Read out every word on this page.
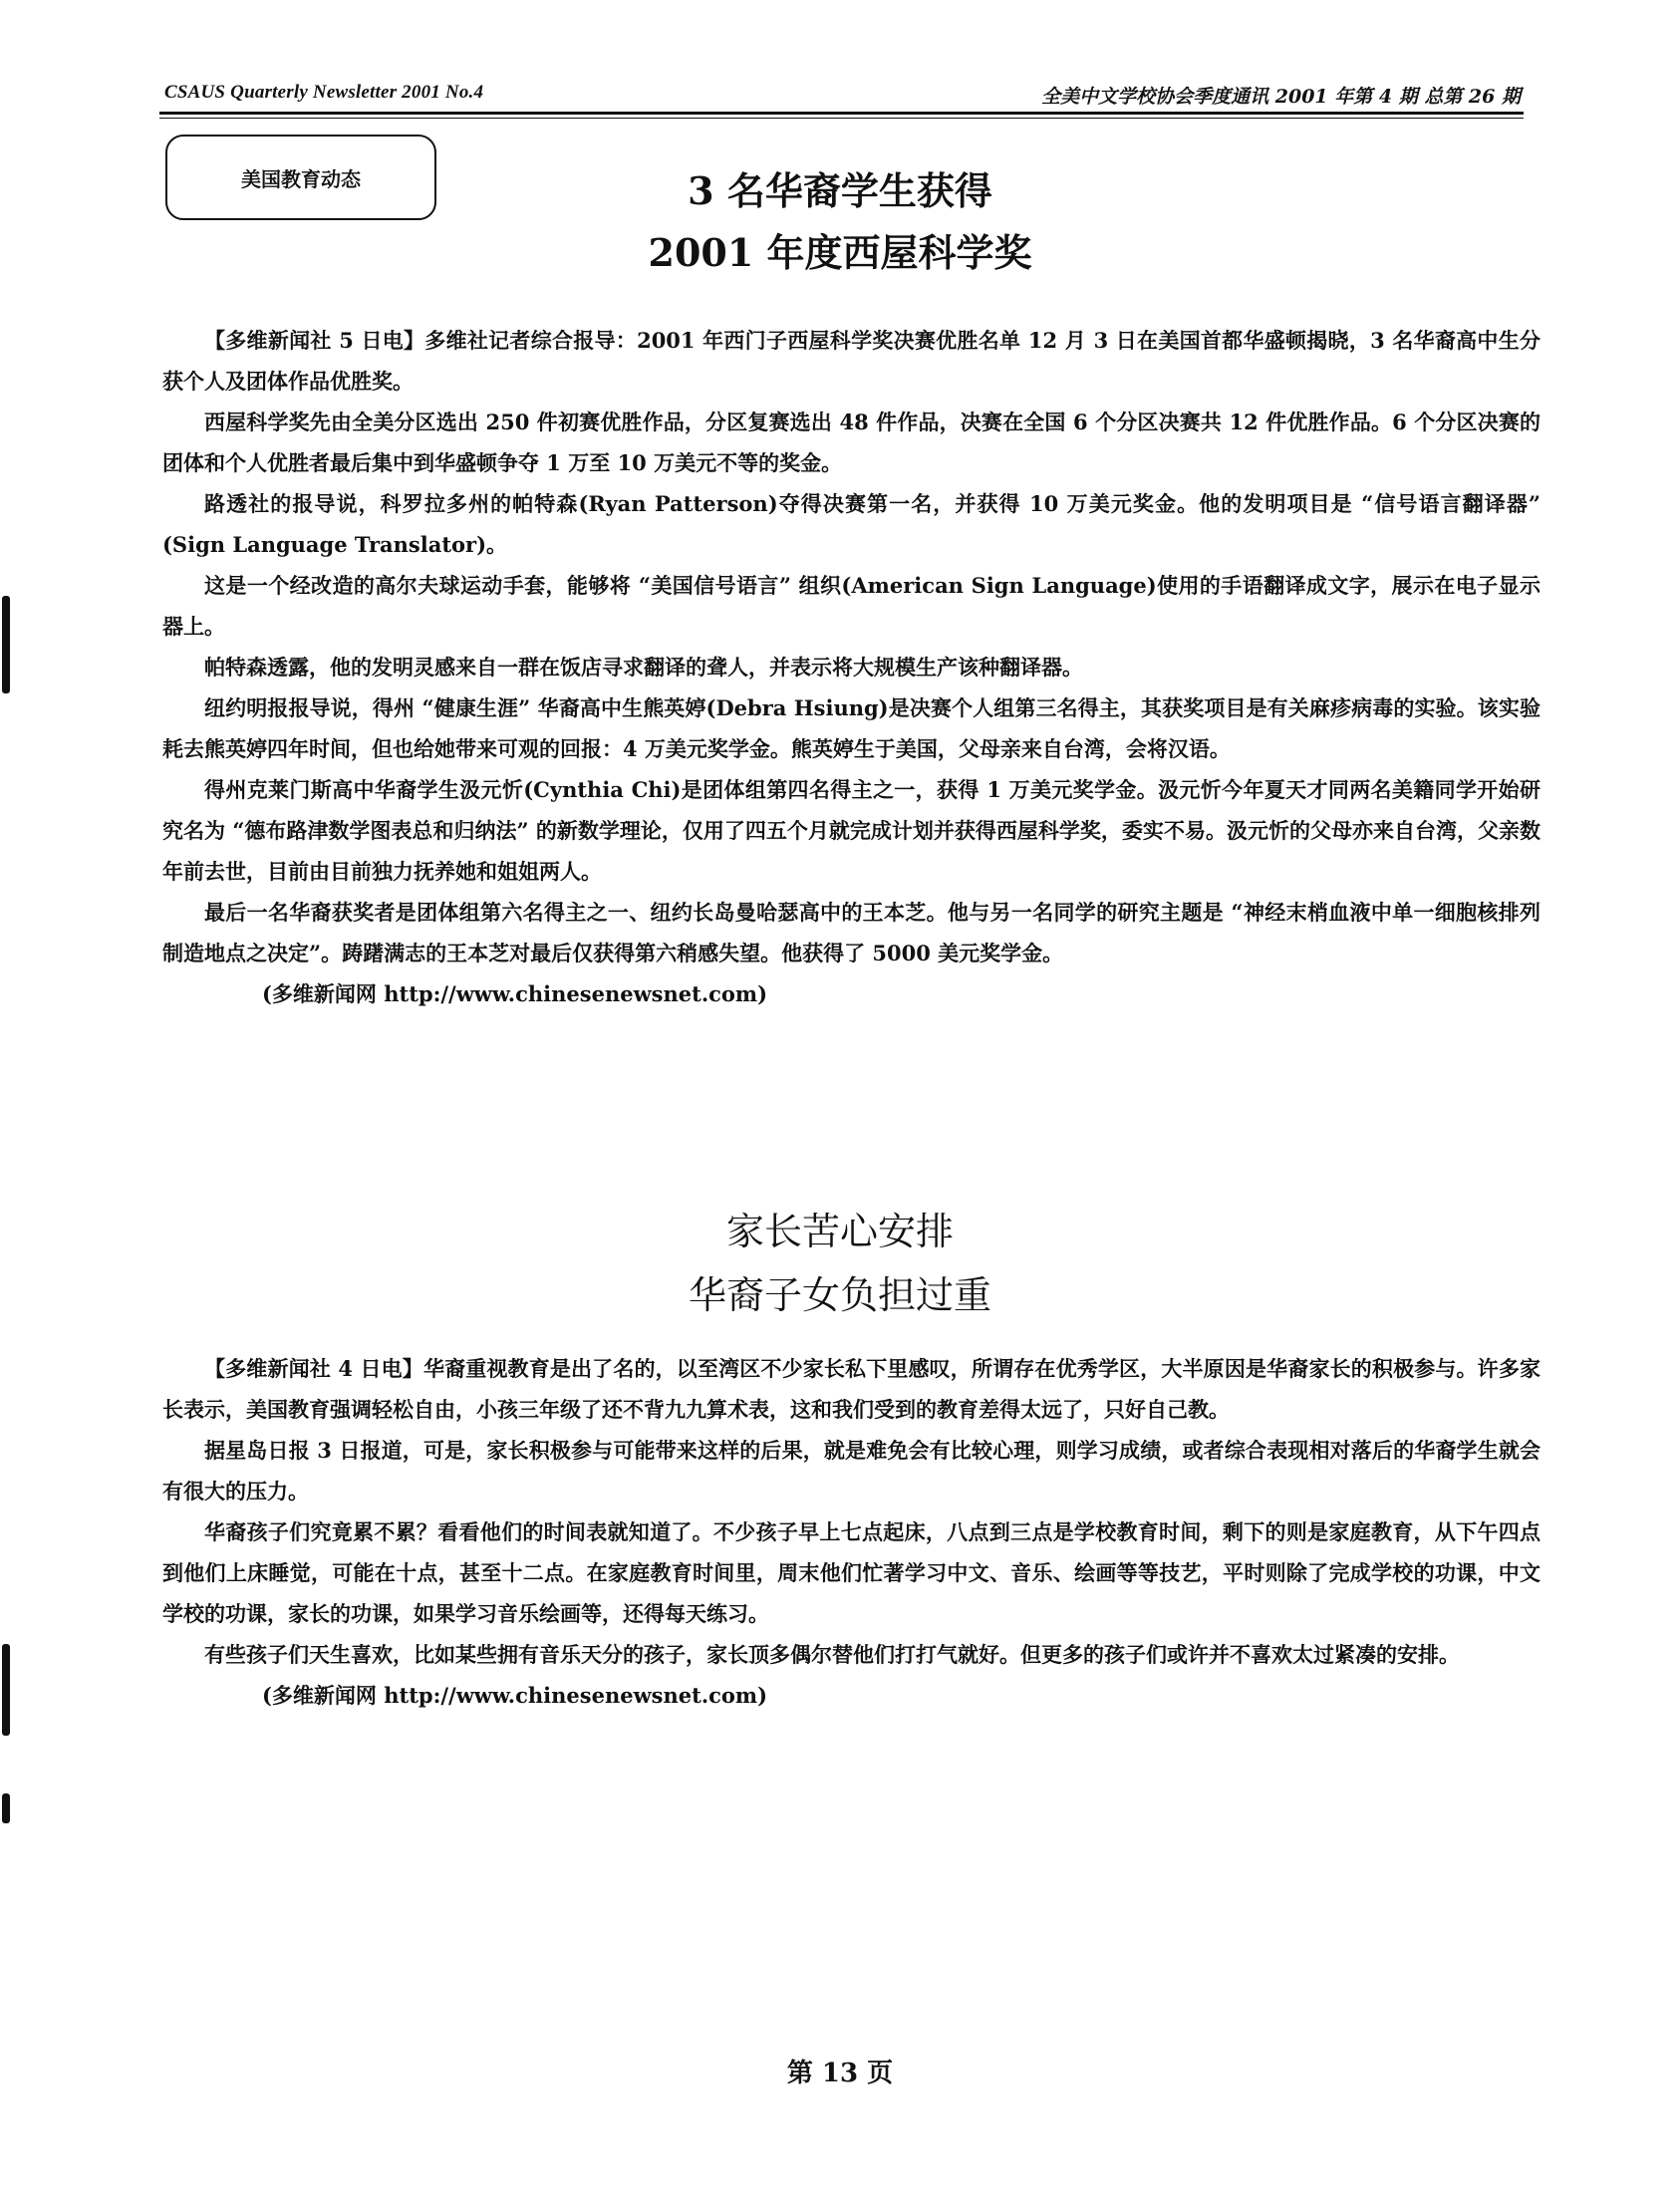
CSAUS Quarterly Newsletter 2001 No.4	全美中文学校协会季度通讯 2001 年第 4 期 总第 26 期
美国教育动态	3 名华裔学生获得
2001 年度西屋科学奖

【多维新闻社 5 日电】多维社记者综合报导：2001 年西门子西屋科学奖决赛优胜名单 12 月 3 日在美国首都华盛顿揭晓，3 名华裔高中生分获个人及团体作品优胜奖。

西屋科学奖先由全美分区选出 250 件初赛优胜作品，分区复赛选出 48 件作品，决赛在全国 6 个分区决赛共 12 件优胜作品。6 个分区决赛的团体和个人优胜者最后集中到华盛顿争夺 1 万至 10 万美元不等的奖金。

路透社的报导说，科罗拉多州的帕特森(Ryan Patterson)夺得决赛第一名，并获得 10 万美元奖金。他的发明项目是 “信号语言翻译器” (Sign Language Translator)。

这是一个经改造的高尔夫球运动手套，能够将 “美国信号语言” 组织(American Sign Language)使用的手语翻译成文字，展示在电子显示器上。

帕特森透露，他的发明灵感来自一群在饭店寻求翻译的聋人，并表示将大规模生产该种翻译器。

纽约明报报导说，得州 “健康生涯” 华裔高中生熊英婷(Debra Hsiung)是决赛个人组第三名得主，其获奖项目是有关麻疹病毒的实验。该实验耗去熊英婷四年时间，但也给她带来可观的回报：4 万美元奖学金。熊英婷生于美国，父母亲来自台湾，会将汉语。

得州克莱门斯高中华裔学生汲元忻(Cynthia Chi)是团体组第四名得主之一，获得 1 万美元奖学金。汲元忻今年夏天才同两名美籍同学开始研究名为 “德布路津数学图表总和归纳法” 的新数学理论，仅用了四五个月就完成计划并获得西屋科学奖，委实不易。汲元忻的父母亦来自台湾，父亲数年前去世，目前由目前独力抚养她和姐姐两人。

最后一名华裔获奖者是团体组第六名得主之一、纽约长岛曼哈瑟高中的王本芝。他与另一名同学的研究主题是 “神经末梢血液中单一细胞核排列制造地点之决定”。踌躇满志的王本芝对最后仅获得第六稍感失望。他获得了 5000 美元奖学金。

(多维新闻网 http://www.chinesenewsnet.com)

家长苦心安排
华裔子女负担过重

【多维新闻社 4 日电】华裔重视教育是出了名的，以至湾区不少家长私下里感叹，所谓存在优秀学区，大半原因是华裔家长的积极参与。许多家长表示，美国教育强调轻松自由，小孩三年级了还不背九九算术表，这和我们受到的教育差得太远了，只好自己教。

据星岛日报 3 日报道，可是，家长积极参与可能带来这样的后果，就是难免会有比较心理，则学习成绩，或者综合表现相对落后的华裔学生就会有很大的压力。

华裔孩子们究竟累不累？看看他们的时间表就知道了。不少孩子早上七点起床，八点到三点是学校教育时间，剩下的则是家庭教育，从下午四点到他们上床睡觉，可能在十点，甚至十二点。在家庭教育时间里，周末他们忙著学习中文、音乐、绘画等等技艺，平时则除了完成学校的功课，中文学校的功课，家长的功课，如果学习音乐绘画等，还得每天练习。

有些孩子们天生喜欢，比如某些拥有音乐天分的孩子，家长顶多偶尔替他们打打气就好。但更多的孩子们或许并不喜欢太过紧凑的安排。

(多维新闻网 http://www.chinesenewsnet.com)

第 13 页
